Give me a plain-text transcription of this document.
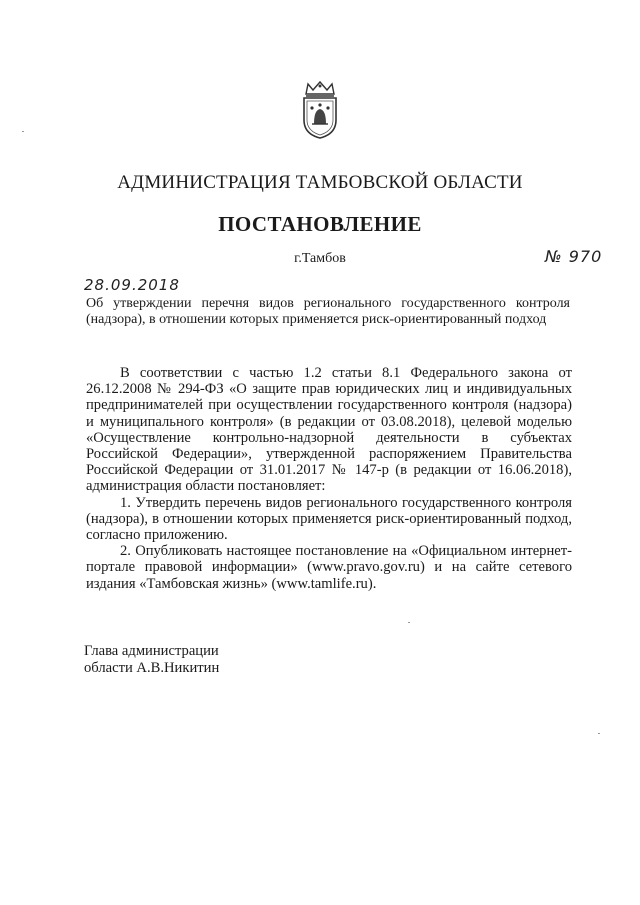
АДМИНИСТРАЦИЯ ТАМБОВСКОЙ ОБЛАСТИ
ПОСТАНОВЛЕНИЕ
г.Тамбов	№ 970
28.09.2018
Об утверждении перечня видов регионального государственного контроля (надзора), в отношении которых применяется риск-ориентированный подход

В соответствии с частью 1.2 статьи 8.1 Федерального закона от 26.12.2008 № 294-ФЗ «О защите прав юридических лиц и индивидуальных предпринимателей при осуществлении государственного контроля (надзора) и муниципального контроля» (в редакции от 03.08.2018), целевой моделью «Осуществление контрольно-надзорной деятельности в субъектах Российской Федерации», утвержденной распоряжением Правительства Российской Федерации от 31.01.2017 № 147-р (в редакции от 16.06.2018), администрация области постановляет:

1. Утвердить перечень видов регионального государственного контроля (надзора), в отношении которых применяется риск-ориентированный подход, согласно приложению.

2. Опубликовать настоящее постановление на «Официальном интернет-портале правовой информации» (www.pravo.gov.ru) и на сайте сетевого издания «Тамбовская жизнь» (www.tamlife.ru).

Глава администрации
области А.В.Никитин
